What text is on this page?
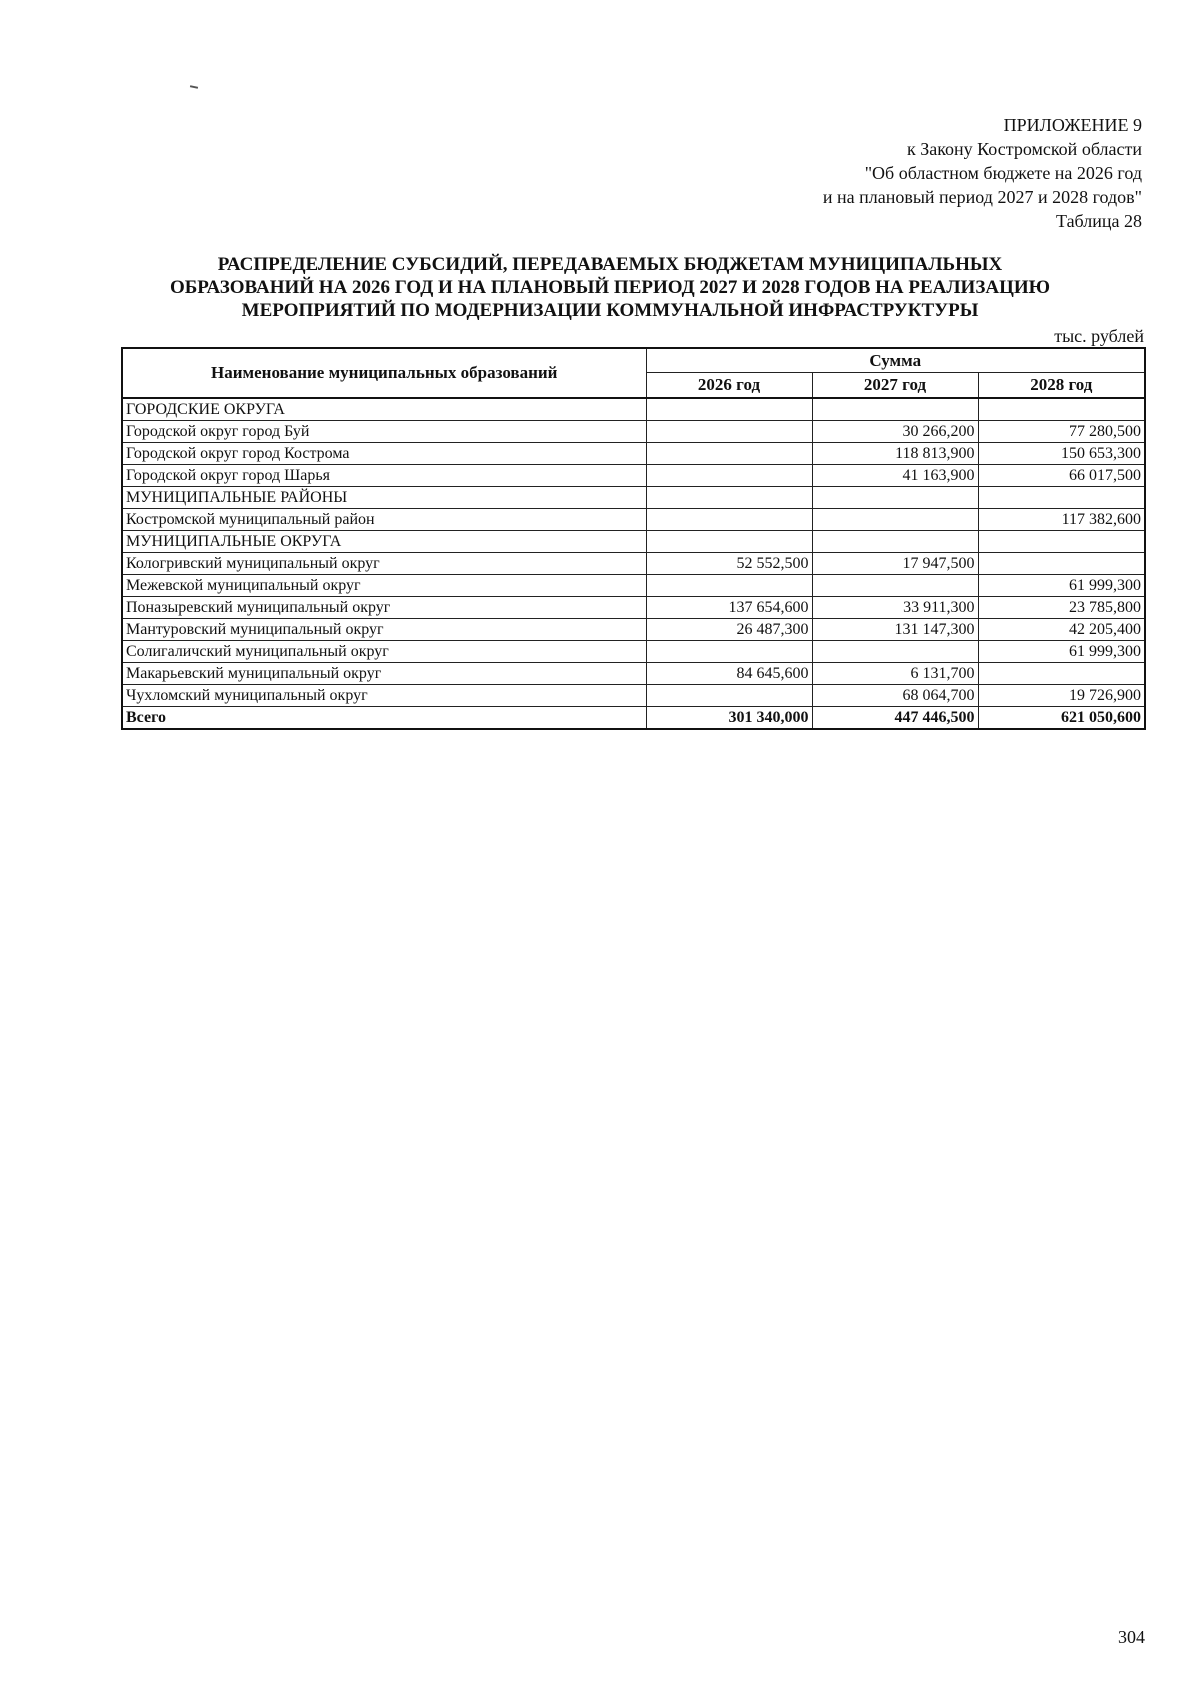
ПРИЛОЖЕНИЕ 9
к Закону Костромской области
"Об областном бюджете на 2026 год
и на плановый период 2027 и 2028 годов"
Таблица 28
РАСПРЕДЕЛЕНИЕ СУБСИДИЙ, ПЕРЕДАВАЕМЫХ БЮДЖЕТАМ МУНИЦИПАЛЬНЫХ
ОБРАЗОВАНИЙ НА 2026 ГОД И НА ПЛАНОВЫЙ ПЕРИОД 2027 И 2028 ГОДОВ НА РЕАЛИЗАЦИЮ
МЕРОПРИЯТИЙ ПО МОДЕРНИЗАЦИИ КОММУНАЛЬНОЙ ИНФРАСТРУКТУРЫ
тыс. рублей
Наименование муниципальных образований	Сумма		
	2026 год	2027 год	2028 год
ГОРОДСКИЕ ОКРУГА			
Городской округ город Буй		30 266,200	77 280,500
Городской округ город Кострома		118 813,900	150 653,300
Городской округ город Шарья		41 163,900	66 017,500
МУНИЦИПАЛЬНЫЕ РАЙОНЫ			
Костромской муниципальный район			117 382,600
МУНИЦИПАЛЬНЫЕ ОКРУГА			
Кологривский муниципальный округ	52 552,500	17 947,500	
Межевской муниципальный округ			61 999,300
Поназыревский муниципальный округ	137 654,600	33 911,300	23 785,800
Мантуровский муниципальный округ	26 487,300	131 147,300	42 205,400
Солигаличский муниципальный округ			61 999,300
Макарьевский муниципальный округ	84 645,600	6 131,700	
Чухломский муниципальный округ		68 064,700	19 726,900
Всего	301 340,000	447 446,500	621 050,600
304
